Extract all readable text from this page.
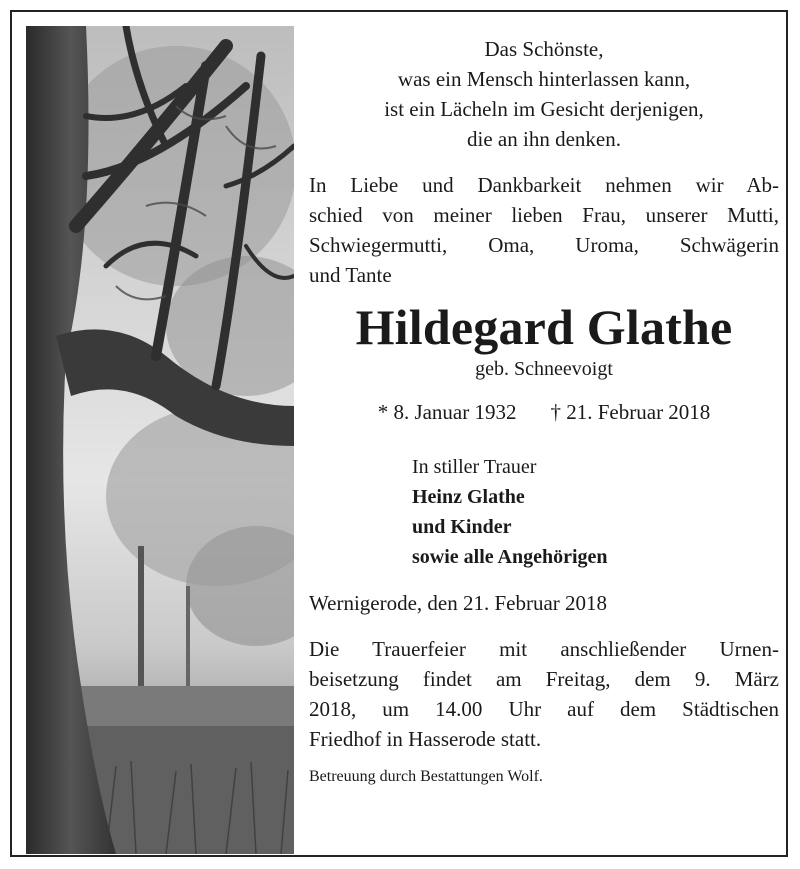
Das Schönste,
was ein Mensch hinterlassen kann,
ist ein Lächeln im Gesicht derjenigen,
die an ihn denken.
In Liebe und Dankbarkeit nehmen wir Ab-
schied von meiner lieben Frau, unserer Mutti,
Schwiegermutti, Oma, Uroma, Schwägerin
und Tante
Hildegard Glathe
geb. Schneevoigt
* 8. Januar 1932 † 21. Februar 2018
In stiller Trauer
Heinz Glathe
und Kinder
sowie alle Angehörigen
Wernigerode, den 21. Februar 2018
Die Trauerfeier mit anschließender Urnen-
beisetzung findet am Freitag, dem 9. März
2018, um 14.00 Uhr auf dem Städtischen
Friedhof in Hasserode statt.
Betreuung durch Bestattungen Wolf.
